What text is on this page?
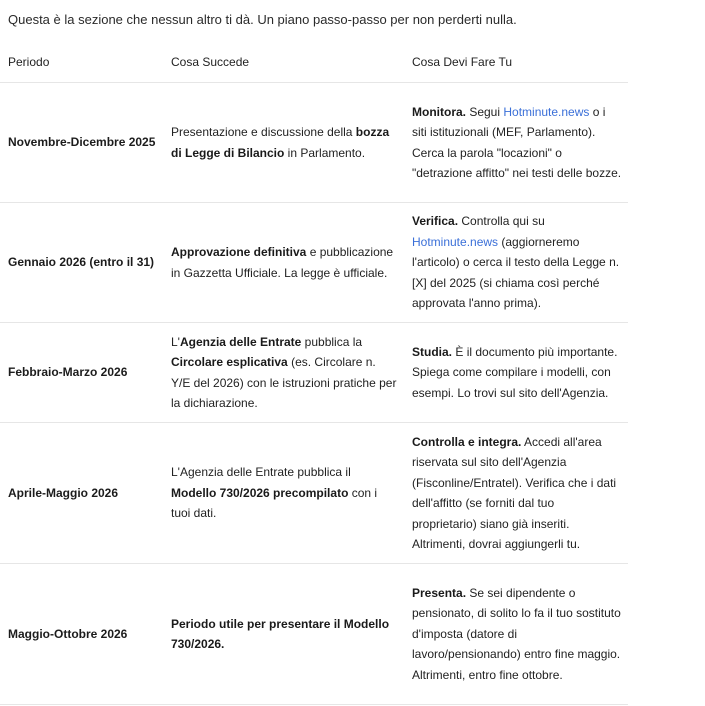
Questa è la sezione che nessun altro ti dà. Un piano passo-passo per non perderti nulla.
Periodo	Cosa Succede	Cosa Devi Fare Tu
Novembre-Dicembre 2025	Presentazione e discussione della bozza di Legge di Bilancio in Parlamento.	Monitora. Segui Hotminute.news o i siti istituzionali (MEF, Parlamento). Cerca la parola "locazioni" o "detrazione affitto" nei testi delle bozze.
Gennaio 2026 (entro il 31)	Approvazione definitiva e pubblicazione in Gazzetta Ufficiale. La legge è ufficiale.	Verifica. Controlla qui su Hotminute.news (aggiorneremo l'articolo) o cerca il testo della Legge n. [X] del 2025 (si chiama così perché approvata l'anno prima).
Febbraio-Marzo 2026	L'Agenzia delle Entrate pubblica la Circolare esplicativa (es. Circolare n. Y/E del 2026) con le istruzioni pratiche per la dichiarazione.	Studia. È il documento più importante. Spiega come compilare i modelli, con esempi. Lo trovi sul sito dell'Agenzia.
Aprile-Maggio 2026	L'Agenzia delle Entrate pubblica il Modello 730/2026 precompilato con i tuoi dati.	Controlla e integra. Accedi all'area riservata sul sito dell'Agenzia (Fisconline/Entratel). Verifica che i dati dell'affitto (se forniti dal tuo proprietario) siano già inseriti. Altrimenti, dovrai aggiungerli tu.
Maggio-Ottobre 2026	Periodo utile per presentare il Modello 730/2026.	Presenta. Se sei dipendente o pensionato, di solito lo fa il tuo sostituto d'imposta (datore di lavoro/pensionando) entro fine maggio. Altrimenti, entro fine ottobre.
